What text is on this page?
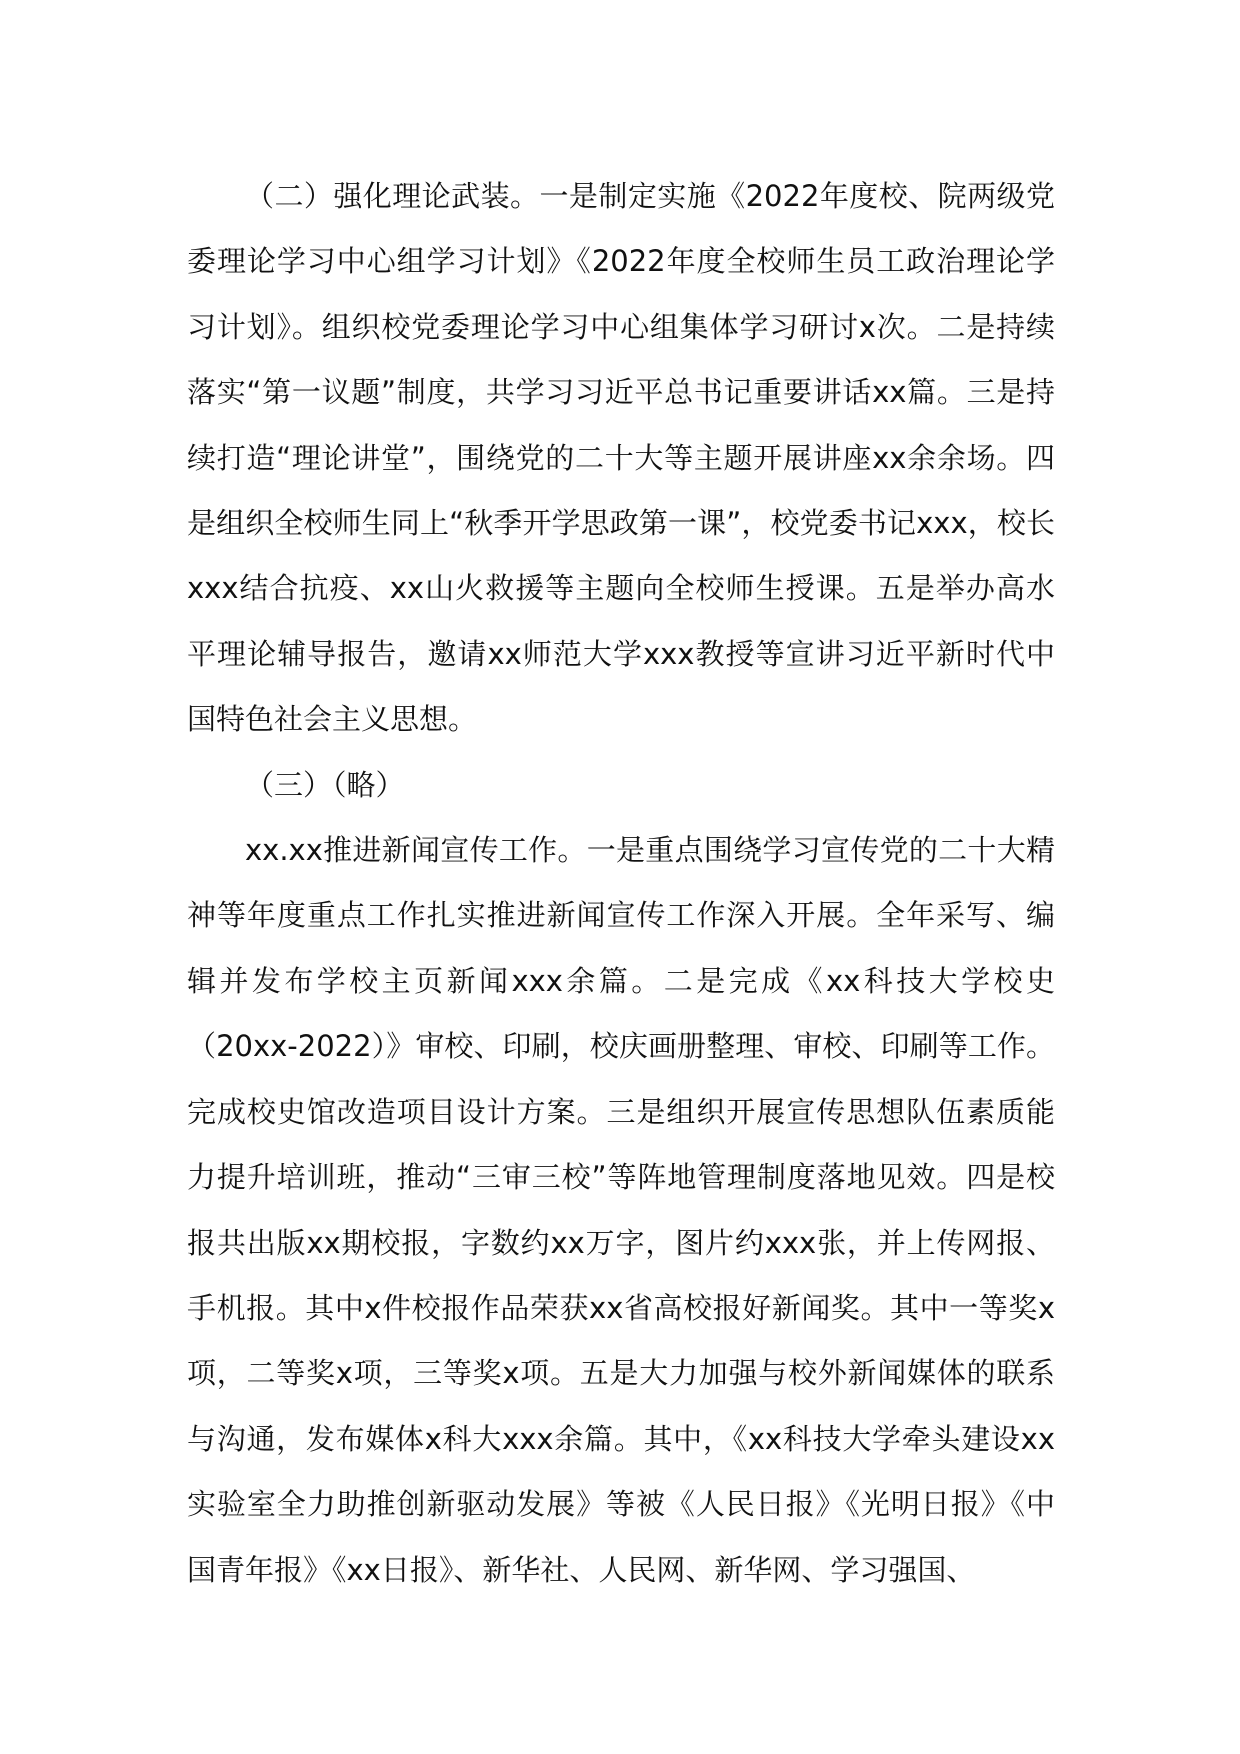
（二）强化理论武装。一是制定实施《2022年度校、院两级党委理论学习中心组学习计划》《2022年度全校师生员工政治理论学习计划》。组织校党委理论学习中心组集体学习研讨x次。二是持续落实“第一议题”制度，共学习习近平总书记重要讲话xx篇。三是持续打造“理论讲堂”，围绕党的二十大等主题开展讲座xx余余场。四是组织全校师生同上“秋季开学思政第一课”，校党委书记xxx，校长xxx结合抗疫、xx山火救援等主题向全校师生授课。五是举办高水平理论辅导报告，邀请xx师范大学xxx教授等宣讲习近平新时代中国特色社会主义思想。

（三）（略）

xx.xx推进新闻宣传工作。一是重点围绕学习宣传党的二十大精神等年度重点工作扎实推进新闻宣传工作深入开展。全年采写、编辑并发布学校主页新闻xxx余篇。二是完成《xx科技大学校史（20xx-2022）》审校、印刷，校庆画册整理、审校、印刷等工作。完成校史馆改造项目设计方案。三是组织开展宣传思想队伍素质能力提升培训班，推动“三审三校”等阵地管理制度落地见效。四是校报共出版xx期校报，字数约xx万字，图片约xxx张，并上传网报、手机报。其中x件校报作品荣获xx省高校报好新闻奖。其中一等奖x项，二等奖x项，三等奖x项。五是大力加强与校外新闻媒体的联系与沟通，发布媒体x科大xxx余篇。其中，《xx科技大学牵头建设xx实验室全力助推创新驱动发展》等被《人民日报》《光明日报》《中国青年报》《xx日报》、新华社、人民网、新华网、学习强国、
